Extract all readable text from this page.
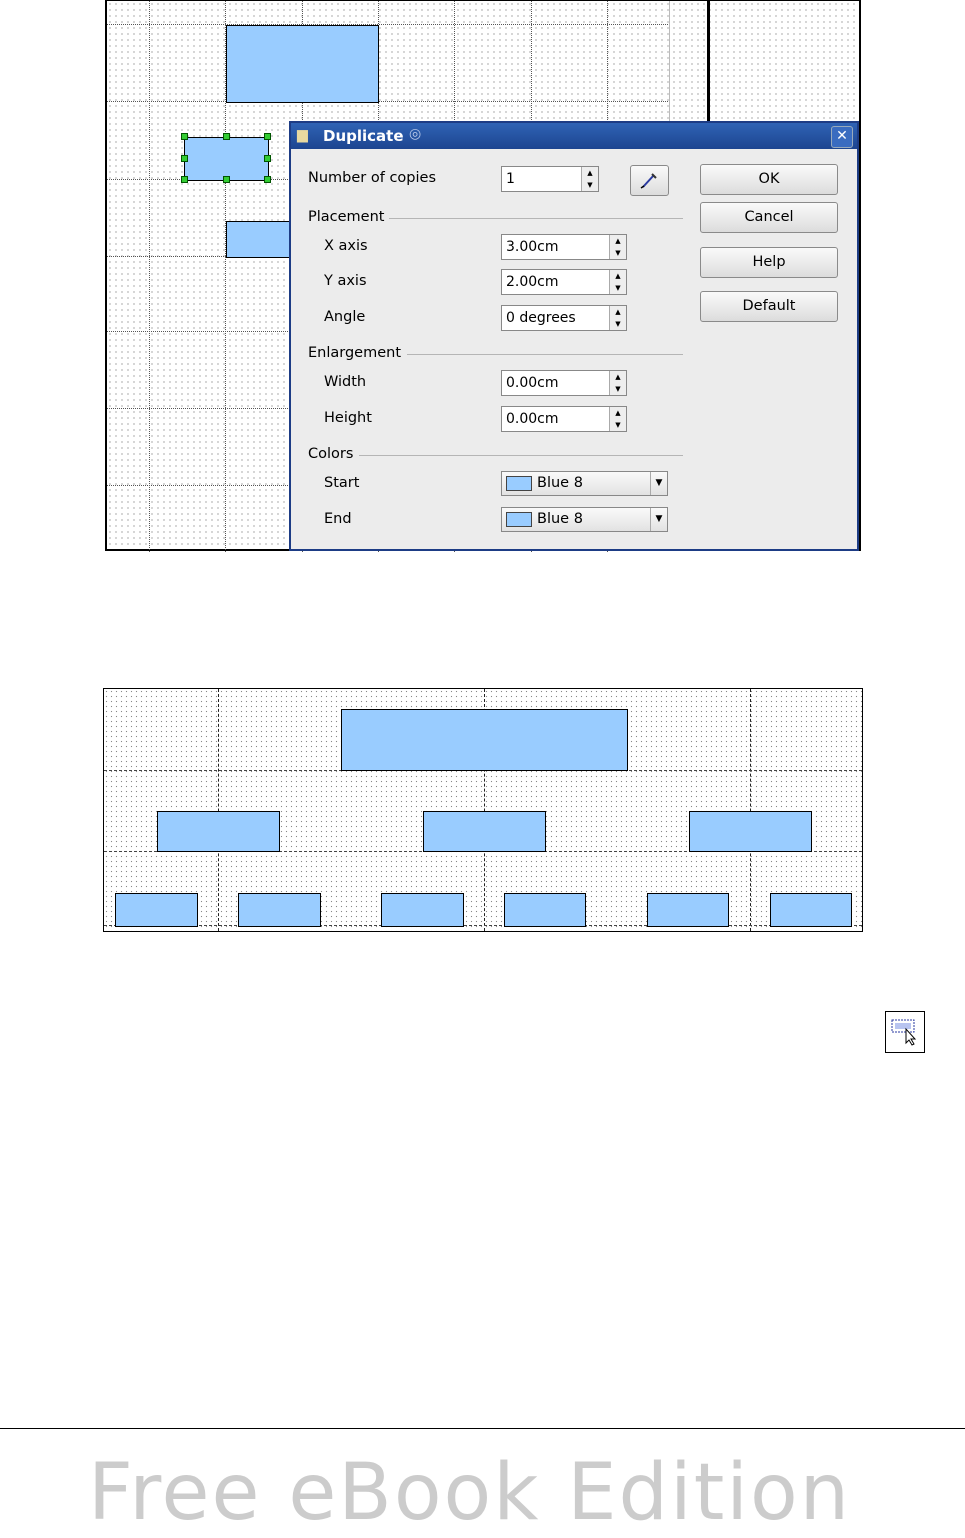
▆	Duplicate ◎	✕
Number of copies	1	▲
▼
Placement
X axis	3.00cm	▲
▼
Y axis	2.00cm	▲
▼
Angle	0 degrees	▲
▼
Enlargement
Width	0.00cm	▲
▼
Height	0.00cm	▲
▼
Colors
Start	Blue 8	▼
End	Blue 8	▼
OK
Cancel
Help
Default
Free eBook Edition
